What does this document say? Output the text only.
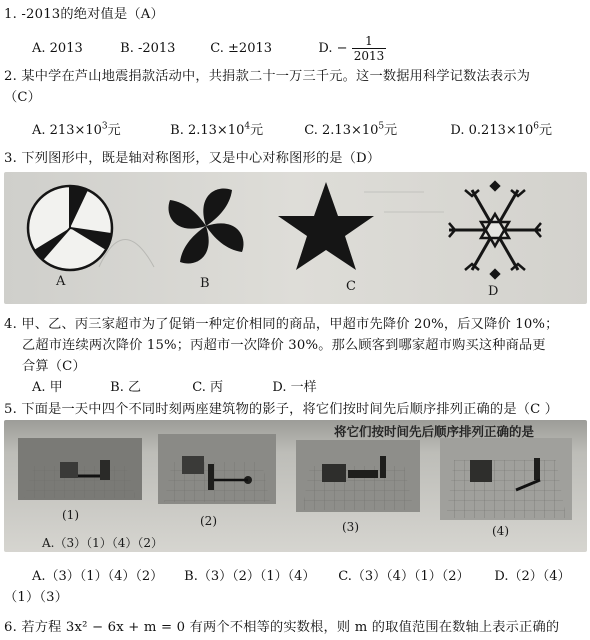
1. -2013的绝对值是（A）
A. 2013	B. -2013	C. ±2013	D. − $\frac{1}{2013}$
2. 某中学在芦山地震捐款活动中，共捐款二十一万三千元。这一数据用科学记数法表示为
（C）
A. $213\times 10^3$元	B. $2.13\times 10^4$元	C. $2.13\times 10^5$元	D. $0.213\times 10^6$元
3. 下列图形中，既是轴对称图形，又是中心对称图形的是（D）
A	B	C	D
4. 甲、乙、丙三家超市为了促销一种定价相同的商品，甲超市先降价 20%，后又降价 10%；
乙超市连续两次降价 15%；丙超市一次降价 30%。那么顾客到哪家超市购买这种商品更
合算（C）
A. 甲	B. 乙	C. 丙	D. 一样
5. 下面是一天中四个不同时刻两座建筑物的影子，将它们按时间先后顺序排列正确的是（C ）
将它们按时间先后顺序排列正确的是
(1)	(2)	(3)	(4)
A.（3）（1）（4）（2）
A.（3）（1）（4）（2） B.（3）（2）（1）（4） C.（3）（4）（1）（2） D.（2）（4）
（1）（3）
6. 若方程 3x² − 6x + m = 0 有两个不相等的实数根，则 m 的取值范围在数轴上表示正确的
